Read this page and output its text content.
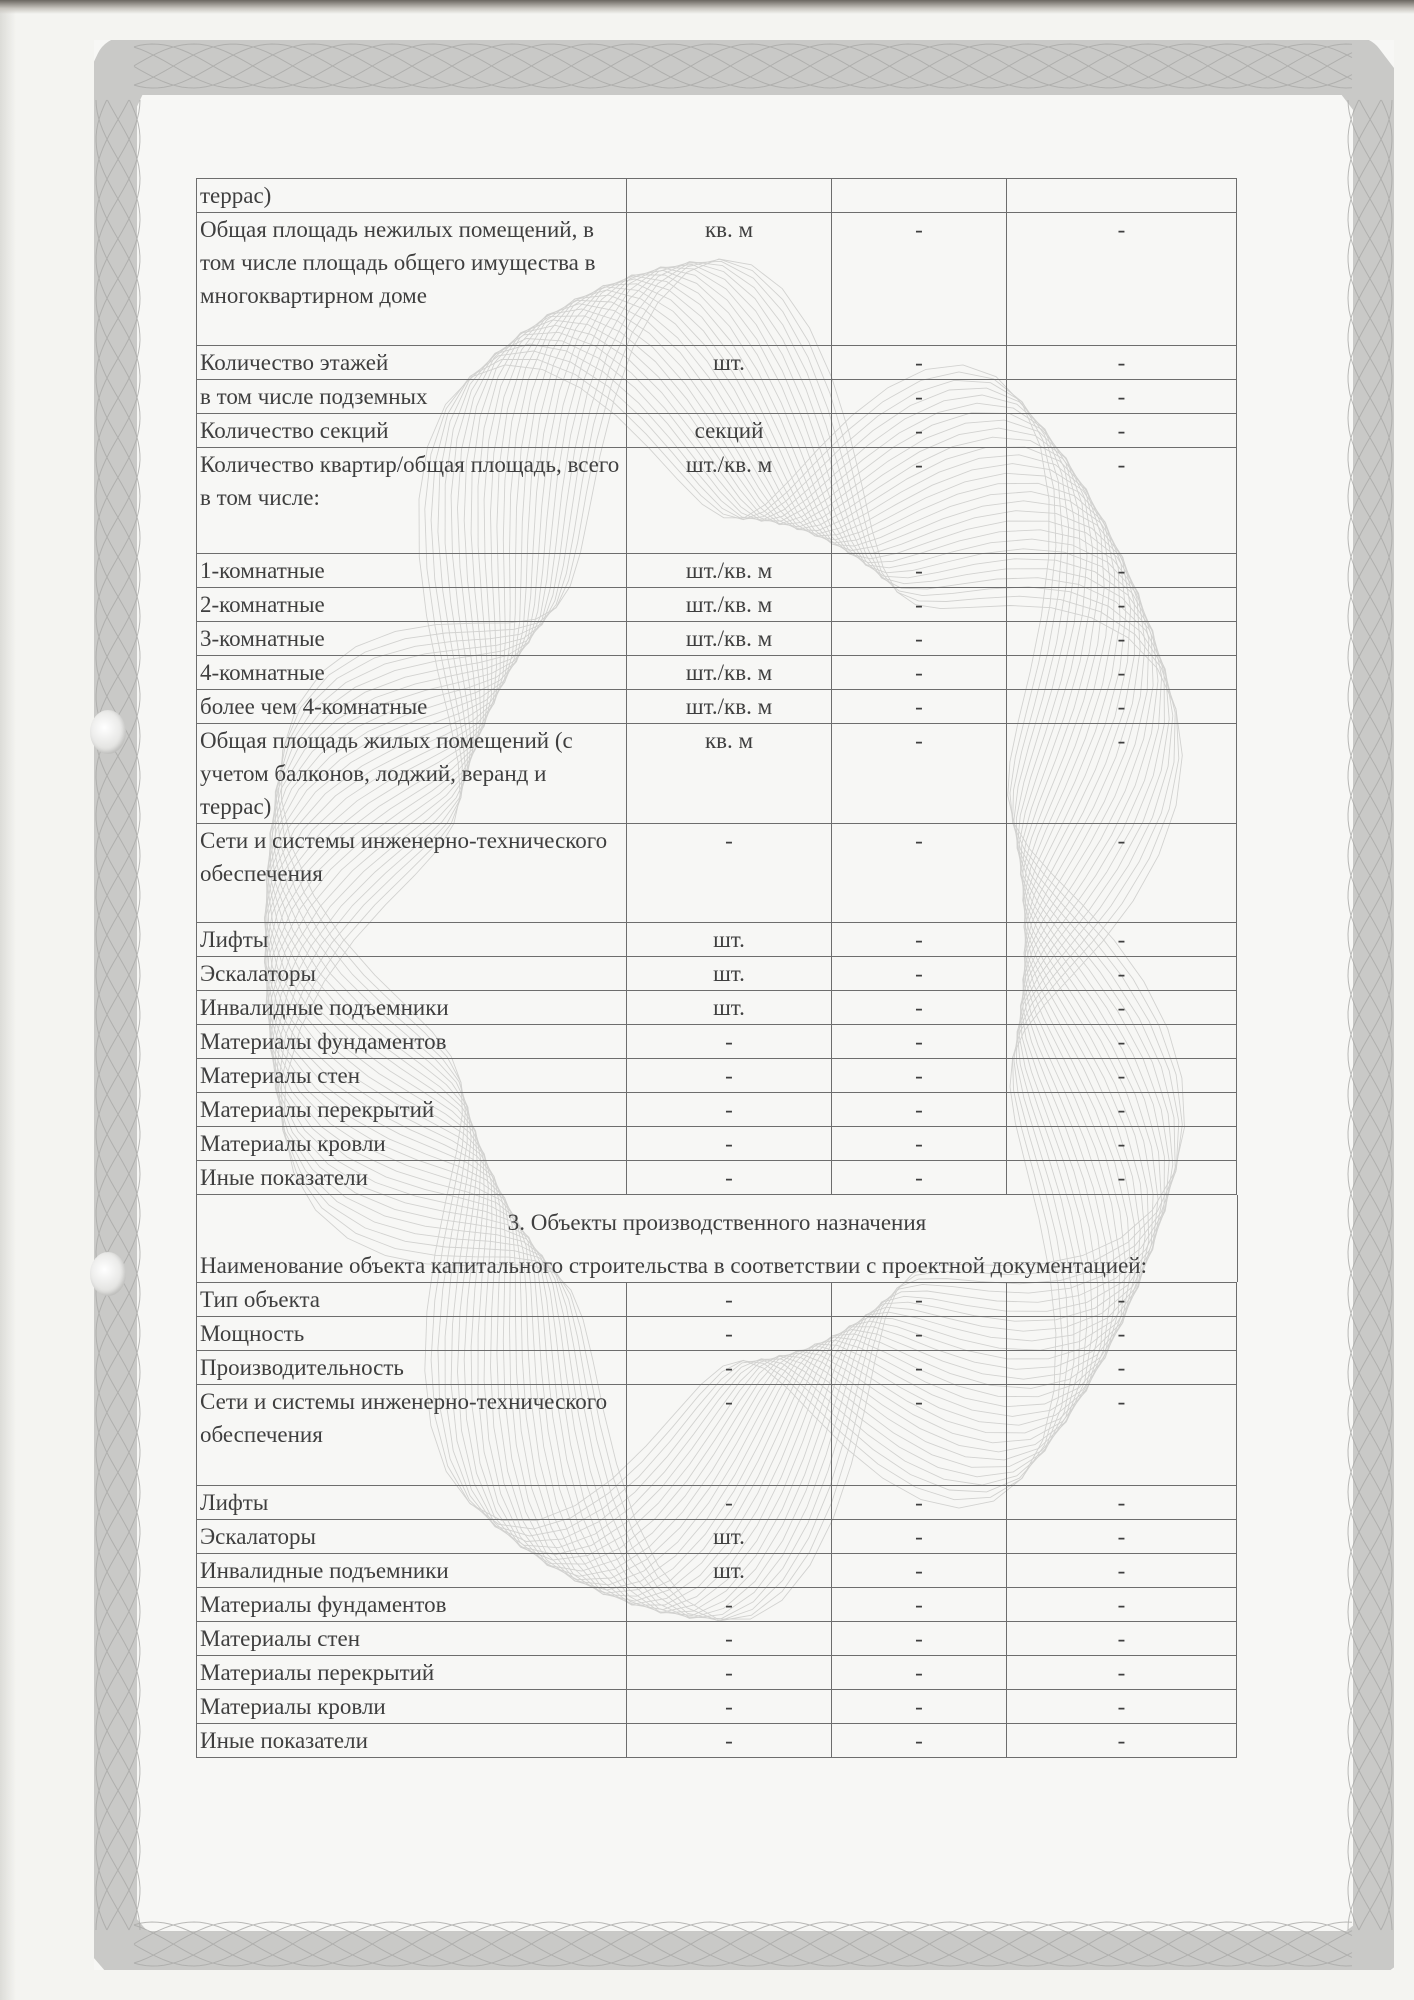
террас)			
Общая площадь нежилых помещений, в том числе площадь общего имущества в многоквартирном доме	кв. м	-	-
Количество этажей	шт.	-	-
в том числе подземных		-	-
Количество секций	секций	-	-
Количество квартир/общая площадь, всего в том числе:	шт./кв. м	-	-
1-комнатные	шт./кв. м	-	-
2-комнатные	шт./кв. м	-	-
3-комнатные	шт./кв. м	-	-
4-комнатные	шт./кв. м	-	-
более чем 4-комнатные	шт./кв. м	-	-
Общая площадь жилых помещений (с учетом балконов, лоджий, веранд и террас)	кв. м	-	-
Сети и системы инженерно-технического обеспечения	-	-	-
Лифты	шт.	-	-
Эскалаторы	шт.	-	-
Инвалидные подъемники	шт.	-	-
Материалы фундаментов	-	-	-
Материалы стен	-	-	-
Материалы перекрытий	-	-	-
Материалы кровли	-	-	-
Иные показатели	-	-	-
3. Объекты производственного назначения
Наименование объекта капитального строительства в соответствии с проектной документацией:
Тип объекта	-	-	-
Мощность	-	-	-
Производительность	-	-	-
Сети и системы инженерно-технического обеспечения	-	-	-
Лифты	-	-	-
Эскалаторы	шт.	-	-
Инвалидные подъемники	шт.	-	-
Материалы фундаментов	-	-	-
Материалы стен	-	-	-
Материалы перекрытий	-	-	-
Материалы кровли	-	-	-
Иные показатели	-	-	-
